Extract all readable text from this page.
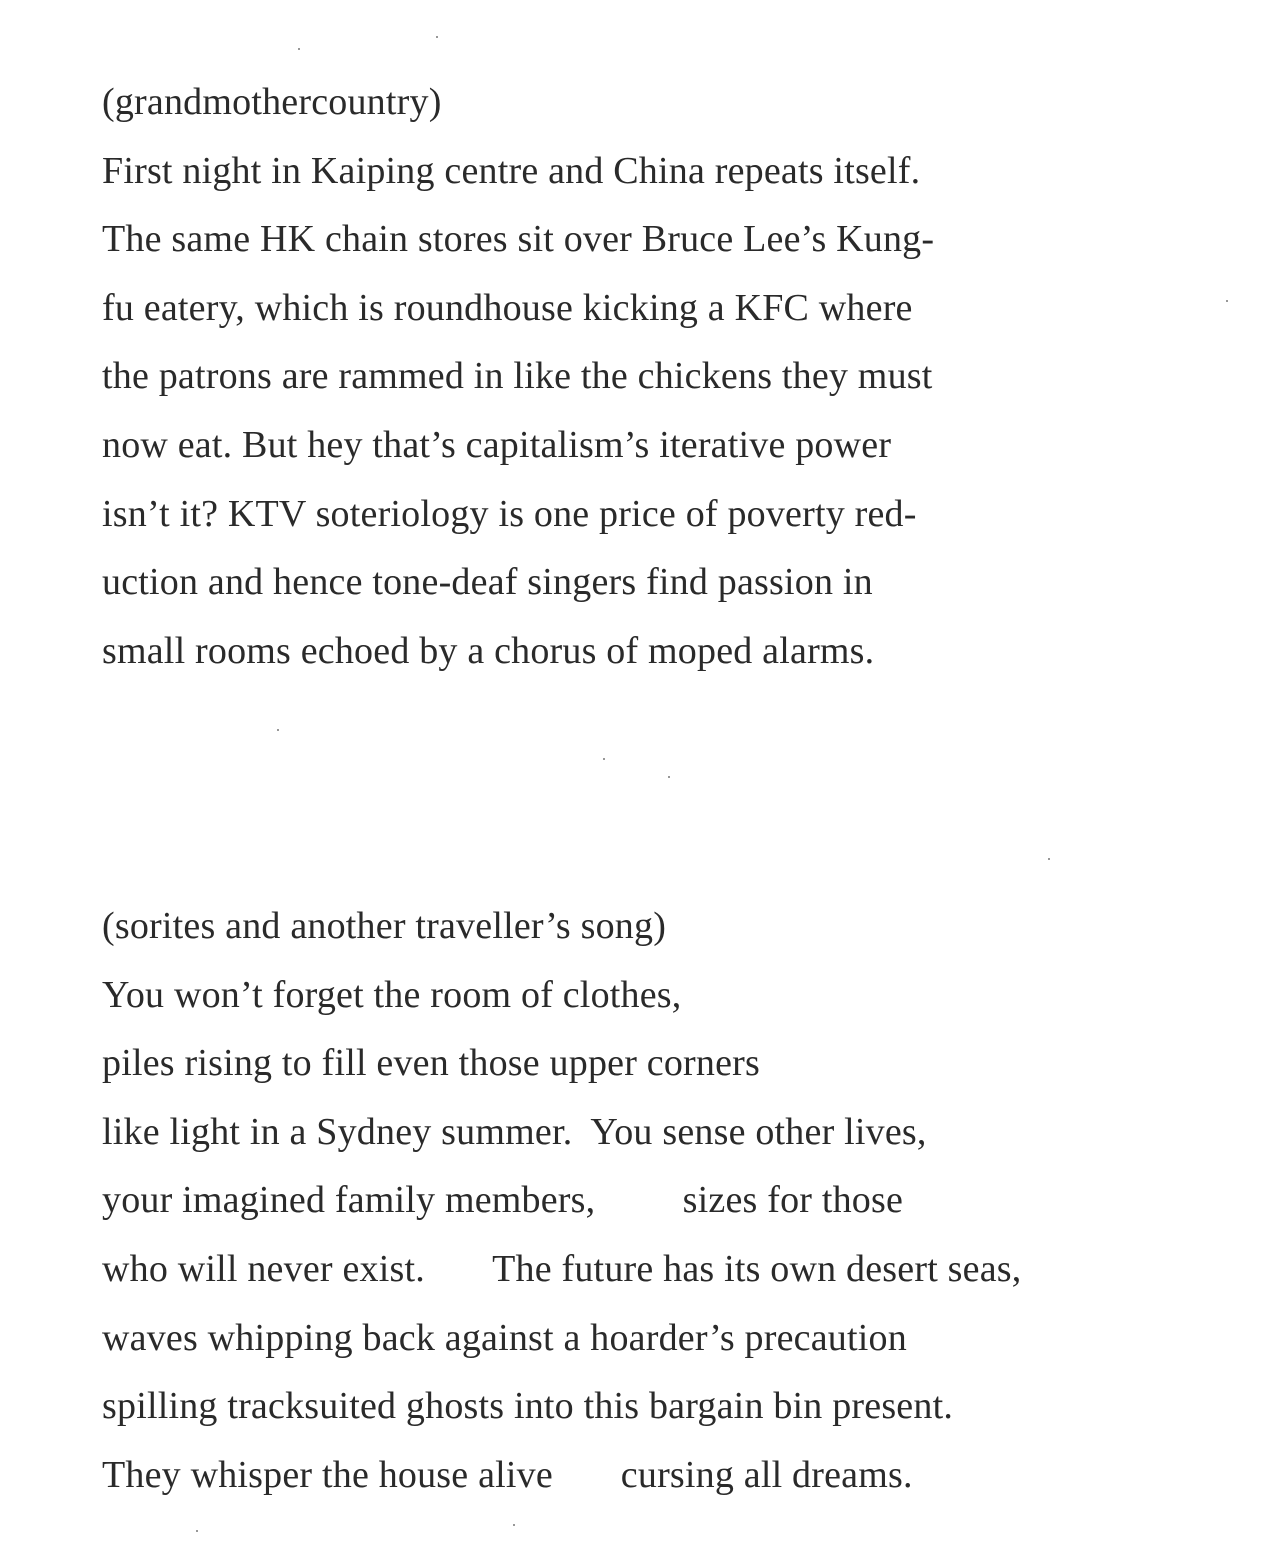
(grandmothercountry)
First night in Kaiping centre and China repeats itself.
The same HK chain stores sit over Bruce Lee’s Kung-
fu eatery, which is roundhouse kicking a KFC where
the patrons are rammed in like the chickens they must
now eat. But hey that’s capitalism’s iterative power
isn’t it? KTV soteriology is one price of poverty red-
uction and hence tone-deaf singers find passion in
small rooms echoed by a chorus of moped alarms.
(sorites and another traveller’s song)
You won’t forget the room of clothes,
piles rising to fill even those upper corners
like light in a Sydney summer.  You sense other lives,
your imagined family members,         sizes for those
who will never exist.       The future has its own desert seas,
waves whipping back against a hoarder’s precaution
spilling tracksuited ghosts into this bargain bin present.
They whisper the house alive       cursing all dreams.
